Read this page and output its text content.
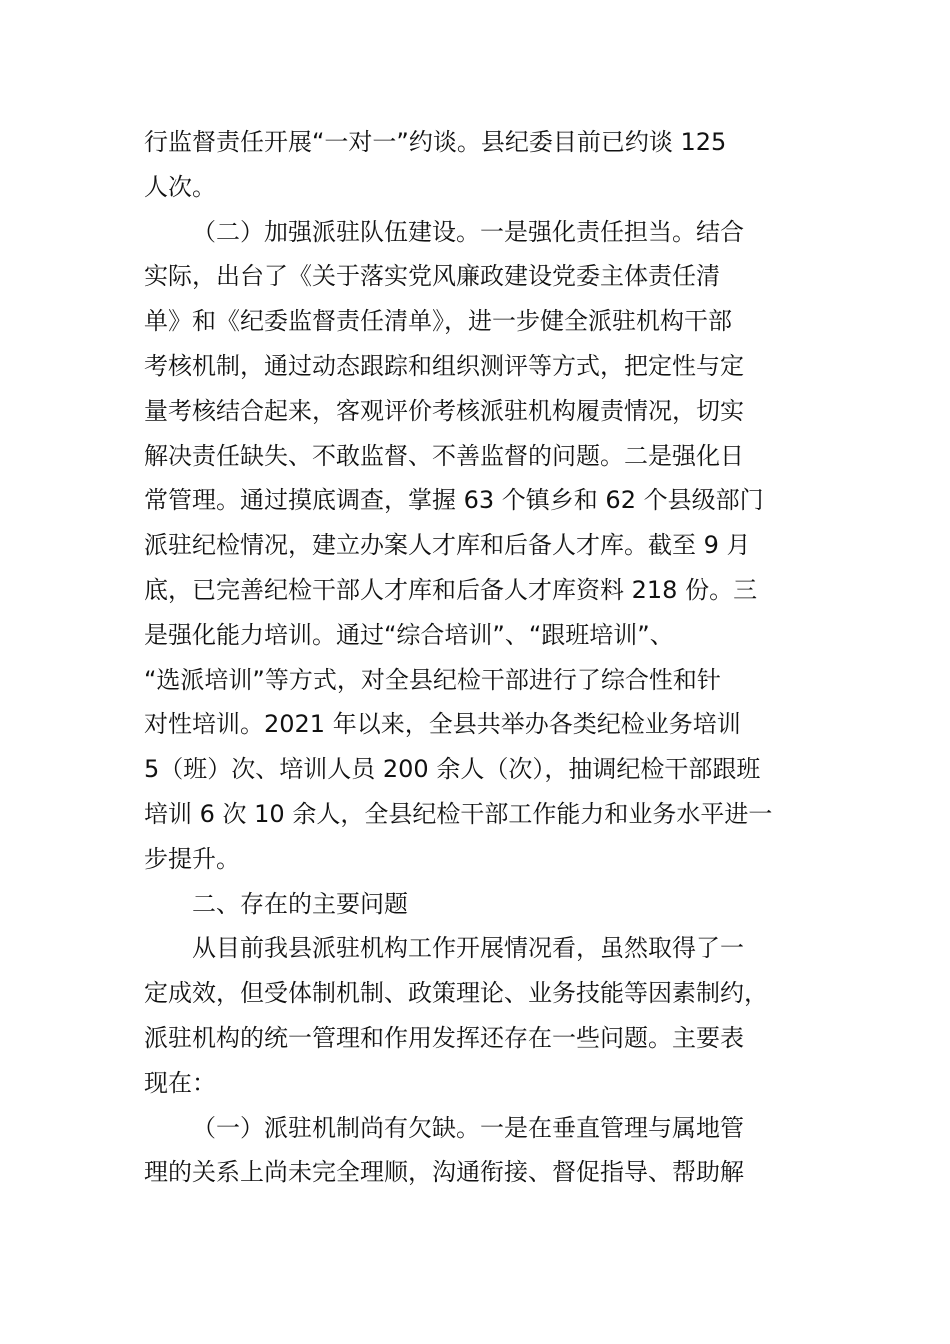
行监督责任开展“一对一”约谈。县纪委目前已约谈 125
人次。
（二）加强派驻队伍建设。一是强化责任担当。结合
实际，出台了《关于落实党风廉政建设党委主体责任清
单》和《纪委监督责任清单》，进一步健全派驻机构干部
考核机制，通过动态跟踪和组织测评等方式，把定性与定
量考核结合起来，客观评价考核派驻机构履责情况，切实
解决责任缺失、不敢监督、不善监督的问题。二是强化日
常管理。通过摸底调查，掌握 63 个镇乡和 62 个县级部门
派驻纪检情况，建立办案人才库和后备人才库。截至 9 月
底，已完善纪检干部人才库和后备人才库资料 218 份。三
是强化能力培训。通过“综合培训”、“跟班培训”、
“选派培训”等方式，对全县纪检干部进行了综合性和针
对性培训。2021 年以来，全县共举办各类纪检业务培训
5（班）次、培训人员 200 余人（次），抽调纪检干部跟班
培训 6 次 10 余人，全县纪检干部工作能力和业务水平进一
步提升。
二、存在的主要问题
从目前我县派驻机构工作开展情况看，虽然取得了一
定成效，但受体制机制、政策理论、业务技能等因素制约，
派驻机构的统一管理和作用发挥还存在一些问题。主要表
现在：
（一）派驻机制尚有欠缺。一是在垂直管理与属地管
理的关系上尚未完全理顺，沟通衔接、督促指导、帮助解
